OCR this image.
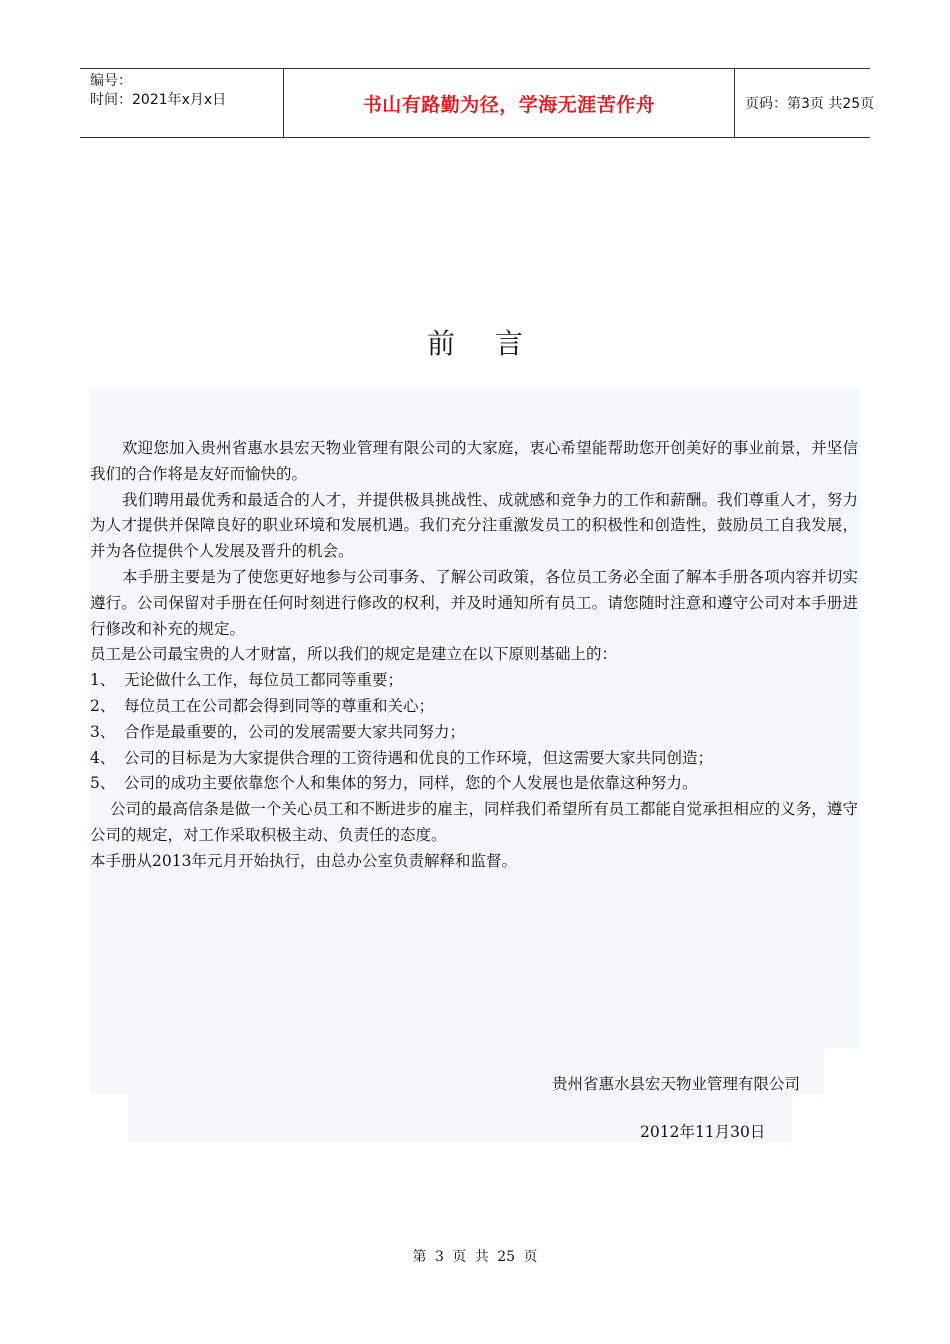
编号：
时间：2021年x月x日	书山有路勤为径，学海无涯苦作舟	页码：第3页 共25页
前言

欢迎您加入贵州省惠水县宏天物业管理有限公司的大家庭，衷心希望能帮助您开创美好的事业前景，并坚信我们的合作将是友好而愉快的。

我们聘用最优秀和最适合的人才，并提供极具挑战性、成就感和竞争力的工作和薪酬。我们尊重人才，努力为人才提供并保障良好的职业环境和发展机遇。我们充分注重激发员工的积极性和创造性，鼓励员工自我发展，并为各位提供个人发展及晋升的机会。

本手册主要是为了使您更好地参与公司事务、了解公司政策，各位员工务必全面了解本手册各项内容并切实遵行。公司保留对手册在任何时刻进行修改的权利，并及时通知所有员工。请您随时注意和遵守公司对本手册进行修改和补充的规定。

员工是公司最宝贵的人才财富，所以我们的规定是建立在以下原则基础上的：

1、 无论做什么工作，每位员工都同等重要；
2、 每位员工在公司都会得到同等的尊重和关心；
3、 合作是最重要的，公司的发展需要大家共同努力；
4、 公司的目标是为大家提供合理的工资待遇和优良的工作环境，但这需要大家共同创造；
5、 公司的成功主要依靠您个人和集体的努力，同样，您的个人发展也是依靠这种努力。

公司的最高信条是做一个关心员工和不断进步的雇主，同样我们希望所有员工都能自觉承担相应的义务，遵守公司的规定，对工作采取积极主动、负责任的态度。

本手册从2013年元月开始执行，由总办公室负责解释和监督。

贵州省惠水县宏天物业管理有限公司
2012年11月30日
第 3 页 共 25 页
